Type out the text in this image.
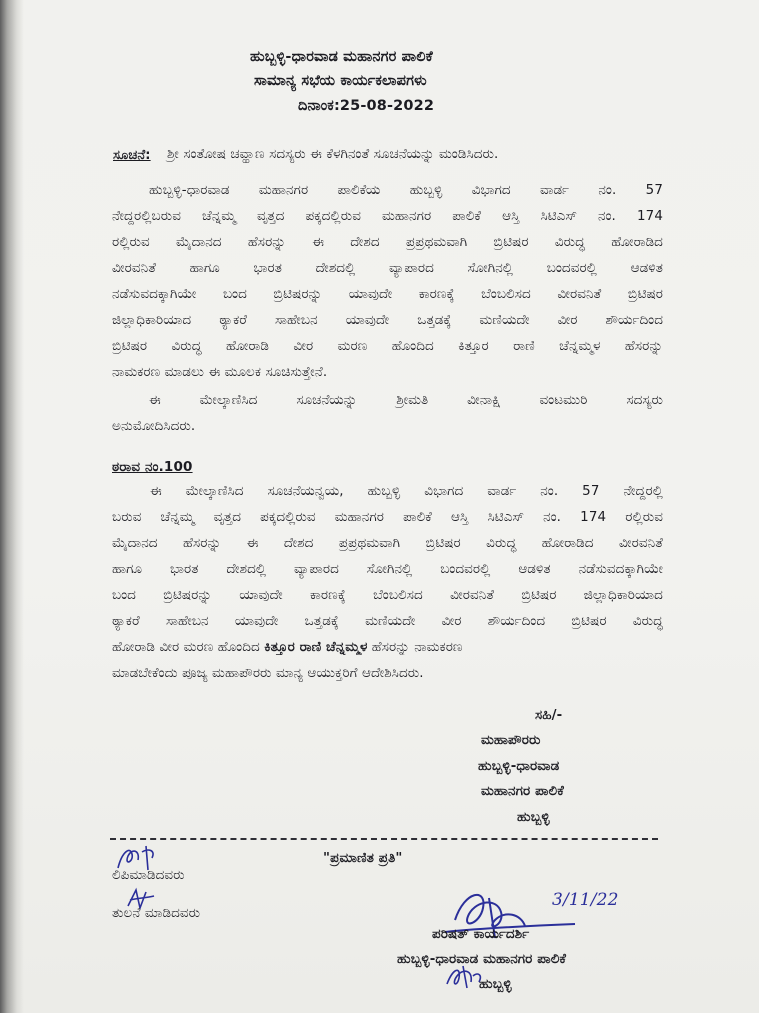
ಹುಬ್ಬಳ್ಳಿ-ಧಾರವಾಡ ಮಹಾನಗರ ಪಾಲಿಕೆ
ಸಾಮಾನ್ಯ ಸಭೆಯ ಕಾರ್ಯಕಲಾಪಗಳು
ದಿನಾಂಕ:25-08-2022
ಸೂಚನೆ: ಶ್ರೀ ಸಂತೋಷ ಚವ್ಹಾಣ ಸದಸ್ಯರು ಈ ಕೆಳಗಿನಂತೆ ಸೂಚನೆಯನ್ನು ಮಂಡಿಸಿದರು.
ಹುಬ್ಬಳ್ಳಿ-ಧಾರವಾಡ ಮಹಾನಗರ ಪಾಲಿಕೆಯ ಹುಬ್ಬಳ್ಳಿ ವಿಭಾಗದ ವಾರ್ಡ ನಂ. 57
ನೇದ್ದರಲ್ಲಿಬರುವ ಚೆನ್ನಮ್ಮ ವೃತ್ತದ ಪಕ್ಕದಲ್ಲಿರುವ ಮಹಾನಗರ ಪಾಲಿಕೆ ಆಸ್ತಿ ಸಿಟಿಎಸ್ ನಂ. 174
ರಲ್ಲಿರುವ ಮೈದಾನದ ಹೆಸರನ್ನು ಈ ದೇಶದ ಪ್ರಪ್ರಥಮವಾಗಿ ಬ್ರಿಟಿಷರ ವಿರುದ್ಧ ಹೋರಾಡಿದ
ವೀರವನಿತೆ ಹಾಗೂ ಭಾರತ ದೇಶದಲ್ಲಿ ವ್ಯಾಪಾರದ ಸೋಗಿನಲ್ಲಿ ಬಂದವರಲ್ಲಿ ಆಡಳಿತ
ನಡೆಸುವದಕ್ಕಾಗಿಯೇ ಬಂದ ಬ್ರಿಟಿಷರನ್ನು ಯಾವುದೇ ಕಾರಣಕ್ಕೆ ಬೆಂಬಲಿಸದ ವೀರವನಿತೆ ಬ್ರಿಟಿಷರ
ಜಿಲ್ಲಾಧಿಕಾರಿಯಾದ ಠ್ಯಾಕರೆ ಸಾಹೇಬನ ಯಾವುದೇ ಒತ್ತಡಕ್ಕೆ ಮಣಿಯದೇ ವೀರ ಶೌರ್ಯದಿಂದ
ಬ್ರಿಟಿಷರ ವಿರುದ್ಧ ಹೋರಾಡಿ ವೀರ ಮರಣ ಹೊಂದಿದ ಕಿತ್ತೂರ ರಾಣಿ ಚೆನ್ನಮ್ಮಳ ಹೆಸರನ್ನು
ನಾಮಕರಣ ಮಾಡಲು ಈ ಮೂಲಕ ಸೂಚಿಸುತ್ತೇನೆ.
ಈ ಮೇಲ್ಕಾಣಿಸಿದ ಸೂಚನೆಯನ್ನು ಶ್ರೀಮತಿ ವೀನಾಕ್ಷಿ ವಂಟಮುರಿ ಸದಸ್ಯರು
ಅನುಮೋದಿಸಿದರು.
ಠರಾವ ನಂ.100
ಈ ಮೇಲ್ಕಾಣಿಸಿದ ಸೂಚನೆಯನ್ವಯ, ಹುಬ್ಬಳ್ಳಿ ವಿಭಾಗದ ವಾರ್ಡ ನಂ. 57 ನೇದ್ದರಲ್ಲಿ
ಬರುವ ಚೆನ್ನಮ್ಮ ವೃತ್ತದ ಪಕ್ಕದಲ್ಲಿರುವ ಮಹಾನಗರ ಪಾಲಿಕೆ ಆಸ್ತಿ ಸಿಟಿಎಸ್ ನಂ. 174 ರಲ್ಲಿರುವ
ಮೈದಾನದ ಹೆಸರನ್ನು ಈ ದೇಶದ ಪ್ರಪ್ರಥಮವಾಗಿ ಬ್ರಿಟಿಷರ ವಿರುದ್ಧ ಹೋರಾಡಿದ ವೀರವನಿತೆ
ಹಾಗೂ ಭಾರತ ದೇಶದಲ್ಲಿ ವ್ಯಾಪಾರದ ಸೋಗಿನಲ್ಲಿ ಬಂದವರಲ್ಲಿ ಆಡಳಿತ ನಡೆಸುವದಕ್ಕಾಗಿಯೇ
ಬಂದ ಬ್ರಿಟಿಷರನ್ನು ಯಾವುದೇ ಕಾರಣಕ್ಕೆ ಬೆಂಬಲಿಸದ ವೀರವನಿತೆ ಬ್ರಿಟಿಷರ ಜಿಲ್ಲಾಧಿಕಾರಿಯಾದ
ಠ್ಯಾಕರೆ ಸಾಹೇಬನ ಯಾವುದೇ ಒತ್ತಡಕ್ಕೆ ಮಣಿಯದೇ ವೀರ ಶೌರ್ಯದಿಂದ ಬ್ರಿಟಿಷರ ವಿರುದ್ಧ
ಹೋರಾಡಿ ವೀರ ಮರಣ ಹೊಂದಿದ ಕಿತ್ತೂರ ರಾಣಿ ಚೆನ್ನಮ್ಮಳ ಹೆಸರನ್ನು ನಾಮಕರಣ
ಮಾಡಬೇಕೆಂದು ಪೂಜ್ಯ ಮಹಾಪೌರರು ಮಾನ್ಯ ಆಯುಕ್ತರಿಗೆ ಆದೇಶಿಸಿದರು.
ಸಹಿ/-
ಮಹಾಪೌರರು
ಹುಬ್ಬಳ್ಳಿ-ಧಾರವಾಡ
ಮಹಾನಗರ ಪಾಲಿಕೆ
ಹುಬ್ಬಳ್ಳಿ
"ಪ್ರಮಾಣಿತ ಪ್ರತಿ"
ಲಿಪಿಮಾಡಿದವರು
ತುಲನೆ ಮಾಡಿದವರು
3/11/22
ಪರಿಷತ್ ಕಾರ್ಯದರ್ಶಿ
ಹುಬ್ಬಳ್ಳಿ-ಧಾರವಾಡ ಮಹಾನಗರ ಪಾಲಿಕೆ
ಹುಬ್ಬಳ್ಳಿ
